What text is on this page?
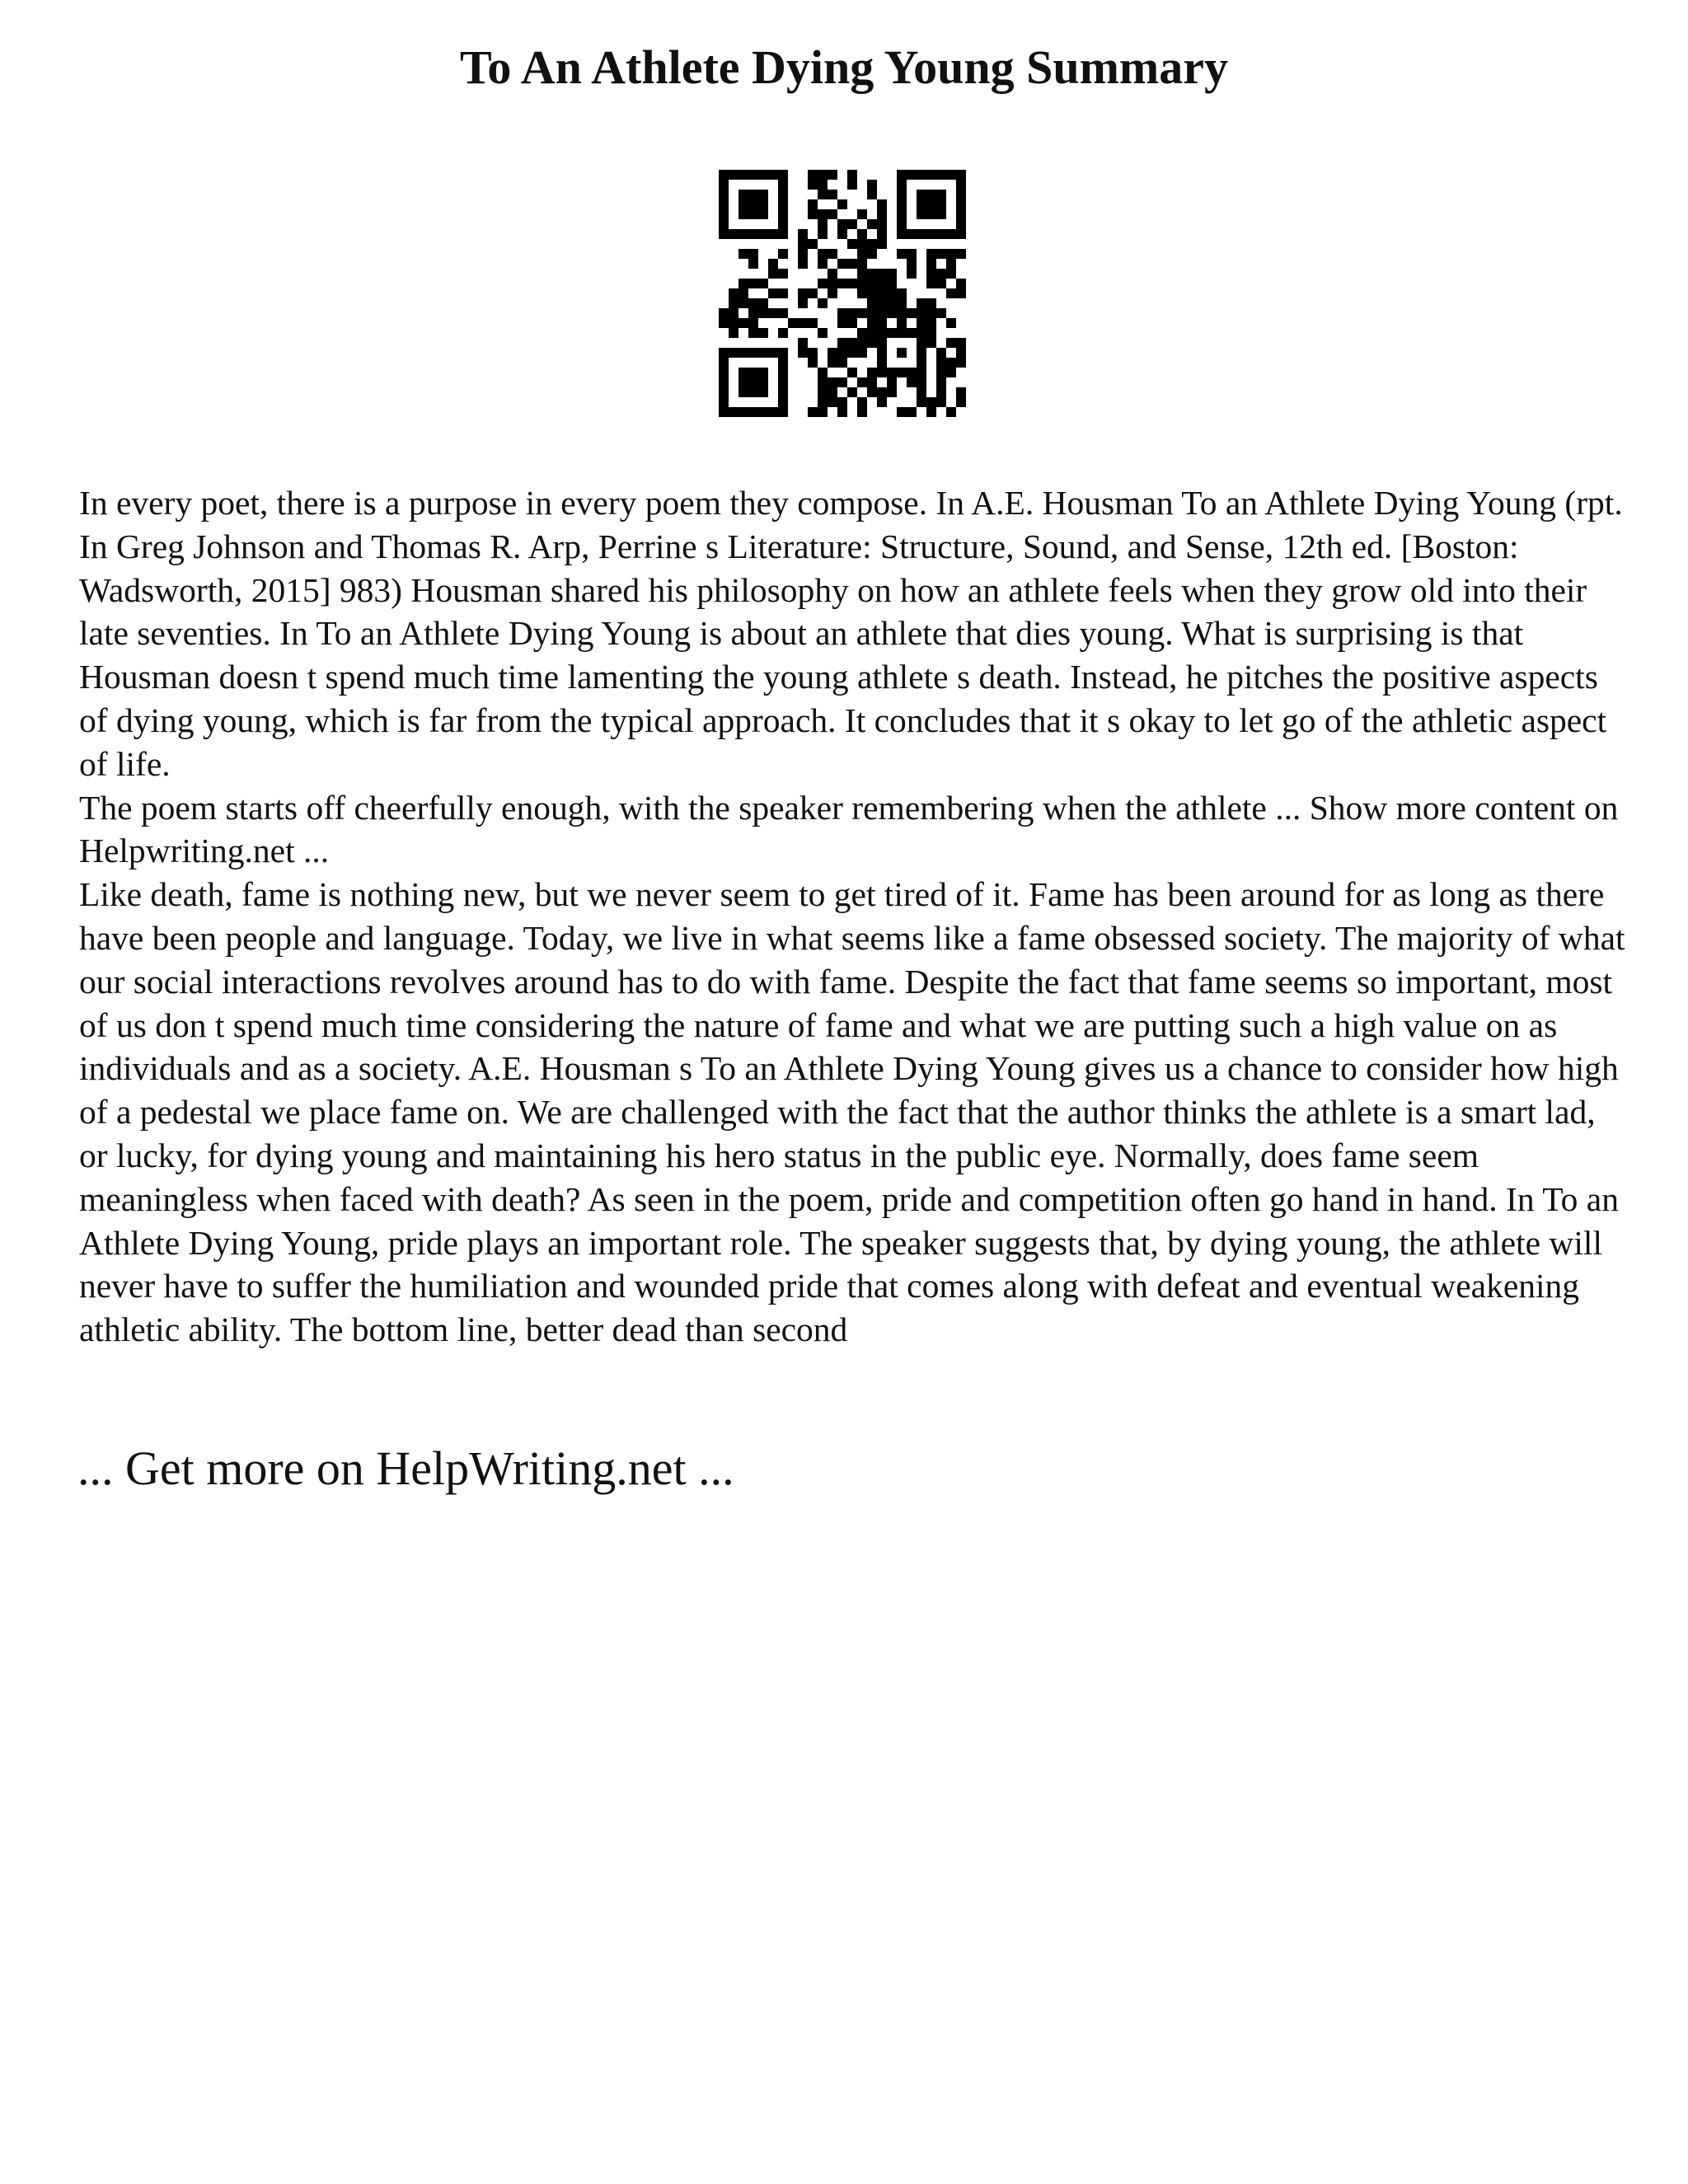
To An Athlete Dying Young Summary

In every poet, there is a purpose in every poem they compose. In A.E. Housman To an Athlete Dying Young (rpt. In Greg Johnson and Thomas R. Arp, Perrine s Literature: Structure, Sound, and Sense, 12th ed. [Boston: Wadsworth, 2015] 983) Housman shared his philosophy on how an athlete feels when they grow old into their late seventies. In To an Athlete Dying Young is about an athlete that dies young. What is surprising is that Housman doesn t spend much time lamenting the young athlete s death. Instead, he pitches the positive aspects of dying young, which is far from the typical approach. It concludes that it s okay to let go of the athletic aspect of life.

The poem starts off cheerfully enough, with the speaker remembering when the athlete ... Show more content on Helpwriting.net ...

Like death, fame is nothing new, but we never seem to get tired of it. Fame has been around for as long as there have been people and language. Today, we live in what seems like a fame obsessed society. The majority of what our social interactions revolves around has to do with fame. Despite the fact that fame seems so important, most of us don t spend much time considering the nature of fame and what we are putting such a high value on as individuals and as a society. A.E. Housman s To an Athlete Dying Young gives us a chance to consider how high of a pedestal we place fame on. We are challenged with the fact that the author thinks the athlete is a smart lad, or lucky, for dying young and maintaining his hero status in the public eye. Normally, does fame seem meaningless when faced with death? As seen in the poem, pride and competition often go hand in hand. In To an Athlete Dying Young, pride plays an important role. The speaker suggests that, by dying young, the athlete will never have to suffer the humiliation and wounded pride that comes along with defeat and eventual weakening athletic ability. The bottom line, better dead than second

... Get more on HelpWriting.net ...
